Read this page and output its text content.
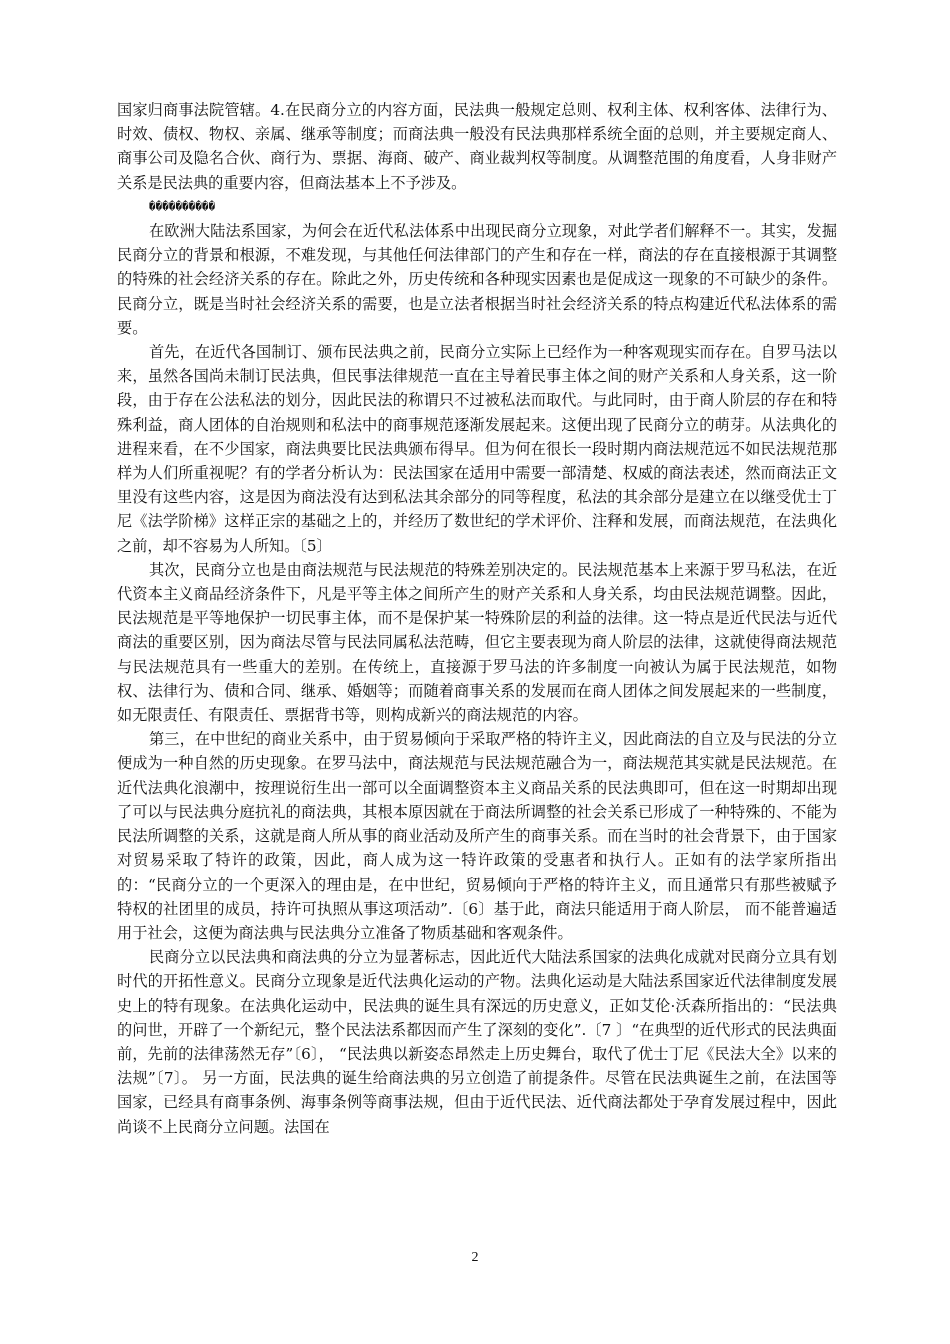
国家归商事法院管辖。4.在民商分立的内容方面，民法典一般规定总则、权利主体、权利客体、法律行为、时效、债权、物权、亲属、继承等制度；而商法典一般没有民法典那样系统全面的总则，并主要规定商人、商事公司及隐名合伙、商行为、票据、海商、破产、商业裁判权等制度。从调整范围的角度看，人身非财产关系是民法典的重要内容，但商法基本上不予涉及。

����������

在欧洲大陆法系国家，为何会在近代私法体系中出现民商分立现象，对此学者们解释不一。其实，发掘民商分立的背景和根源，不难发现，与其他任何法律部门的产生和存在一样，商法的存在直接根源于其调整的特殊的社会经济关系的存在。除此之外，历史传统和各种现实因素也是促成这一现象的不可缺少的条件。民商分立，既是当时社会经济关系的需要，也是立法者根据当时社会经济关系的特点构建近代私法体系的需要。

首先，在近代各国制订、颁布民法典之前，民商分立实际上已经作为一种客观现实而存在。自罗马法以来，虽然各国尚未制订民法典，但民事法律规范一直在主导着民事主体之间的财产关系和人身关系，这一阶段，由于存在公法私法的划分，因此民法的称谓只不过被私法而取代。与此同时，由于商人阶层的存在和特殊利益，商人团体的自治规则和私法中的商事规范逐渐发展起来。这便出现了民商分立的萌芽。从法典化的进程来看，在不少国家，商法典要比民法典颁布得早。但为何在很长一段时期内商法规范远不如民法规范那样为人们所重视呢？有的学者分析认为：民法国家在适用中需要一部清楚、权威的商法表述，然而商法正文里没有这些内容，这是因为商法没有达到私法其余部分的同等程度，私法的其余部分是建立在以继受优士丁尼《法学阶梯》这样正宗的基础之上的，并经历了数世纪的学术评价、注释和发展，而商法规范，在法典化之前，却不容易为人所知。〔5〕

其次，民商分立也是由商法规范与民法规范的特殊差别决定的。民法规范基本上来源于罗马私法，在近代资本主义商品经济条件下，凡是平等主体之间所产生的财产关系和人身关系，均由民法规范调整。因此，民法规范是平等地保护一切民事主体，而不是保护某一特殊阶层的利益的法律。这一特点是近代民法与近代商法的重要区别，因为商法尽管与民法同属私法范畴，但它主要表现为商人阶层的法律，这就使得商法规范与民法规范具有一些重大的差别。在传统上，直接源于罗马法的许多制度一向被认为属于民法规范，如物权、法律行为、债和合同、继承、婚姻等；而随着商事关系的发展而在商人团体之间发展起来的一些制度，如无限责任、有限责任、票据背书等，则构成新兴的商法规范的内容。

第三，在中世纪的商业关系中，由于贸易倾向于采取严格的特许主义，因此商法的自立及与民法的分立便成为一种自然的历史现象。在罗马法中，商法规范与民法规范融合为一，商法规范其实就是民法规范。在近代法典化浪潮中，按理说衍生出一部可以全面调整资本主义商品关系的民法典即可，但在这一时期却出现了可以与民法典分庭抗礼的商法典，其根本原因就在于商法所调整的社会关系已形成了一种特殊的、不能为民法所调整的关系，这就是商人所从事的商业活动及所产生的商事关系。而在当时的社会背景下，由于国家对贸易采取了特许的政策，因此，商人成为这一特许政策的受惠者和执行人。正如有的法学家所指出的：“民商分立的一个更深入的理由是，在中世纪，贸易倾向于严格的特许主义，而且通常只有那些被赋予特权的社团里的成员，持许可执照从事这项活动”.〔6〕基于此，商法只能适用于商人阶层， 而不能普遍适用于社会，这便为商法典与民法典分立准备了物质基础和客观条件。

民商分立以民法典和商法典的分立为显著标志，因此近代大陆法系国家的法典化成就对民商分立具有划时代的开拓性意义。民商分立现象是近代法典化运动的产物。法典化运动是大陆法系国家近代法律制度发展史上的特有现象。在法典化运动中，民法典的诞生具有深远的历史意义，正如艾伦·沃森所指出的：“民法典的问世，开辟了一个新纪元，整个民法法系都因而产生了深刻的变化”.〔7 〕“在典型的近代形式的民法典面前，先前的法律荡然无存”〔6〕， “民法典以新姿态昂然走上历史舞台，取代了优士丁尼《民法大全》以来的法规”〔7〕。 另一方面，民法典的诞生给商法典的另立创造了前提条件。尽管在民法典诞生之前，在法国等国家，已经具有商事条例、海事条例等商事法规，但由于近代民法、近代商法都处于孕育发展过程中，因此尚谈不上民商分立问题。法国在

2
